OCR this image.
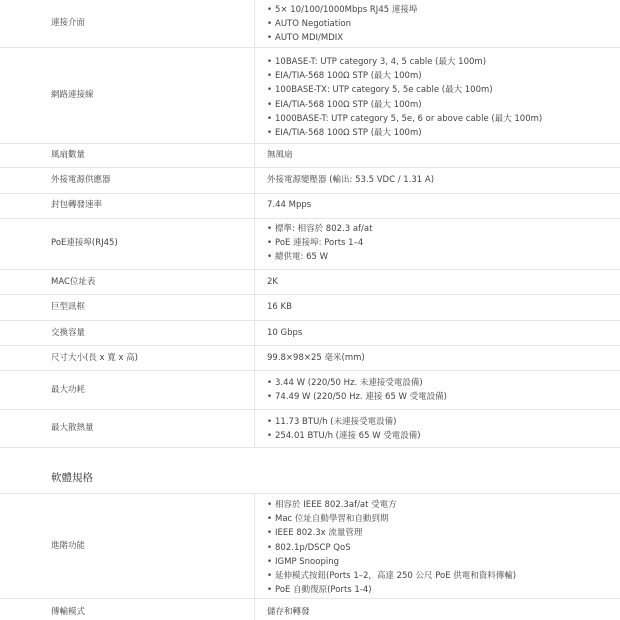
連接介面
• 5× 10/100/1000Mbps RJ45 連接埠
• AUTO Negotiation
• AUTO MDI/MDIX
網路連接線
• 10BASE-T: UTP category 3, 4, 5 cable (最大 100m)
• EIA/TIA-568 100Ω STP (最大 100m)
• 100BASE-TX: UTP category 5, 5e cable (最大 100m)
• EIA/TIA-568 100Ω STP (最大 100m)
• 1000BASE-T: UTP category 5, 5e, 6 or above cable (最大 100m)
• EIA/TIA-568 100Ω STP (最大 100m)
風扇數量	無風扇
外接電源供應器	外接電源變壓器 (輸出: 53.5 VDC / 1.31 A)
封包轉發速率	7.44 Mpps
PoE連接埠(RJ45)
• 標準: 相容於 802.3 af/at
• PoE 連接埠: Ports 1–4
• 總供電: 65 W
MAC位址表	2K
巨型訊框	16 KB
交換容量	10 Gbps
尺寸大小(長 x 寬 x 高)	99.8×98×25 毫米(mm)
最大功耗
• 3.44 W (220/50 Hz. 未連接受電設備)
• 74.49 W (220/50 Hz. 連接 65 W 受電設備)
最大散熱量
• 11.73 BTU/h (未連接受電設備)
• 254.01 BTU/h (連接 65 W 受電設備)
軟體規格
進階功能
• 相容於 IEEE 802.3af/at 受電方
• Mac 位址自動學習和自動到期
• IEEE 802.3x 流量管理
• 802.1p/DSCP QoS
• IGMP Snooping
• 延伸模式按鈕(Ports 1–2，高達 250 公尺 PoE 供電和資料傳輸)
• PoE 自動復原(Ports 1-4)
傳輸模式	儲存和轉發
